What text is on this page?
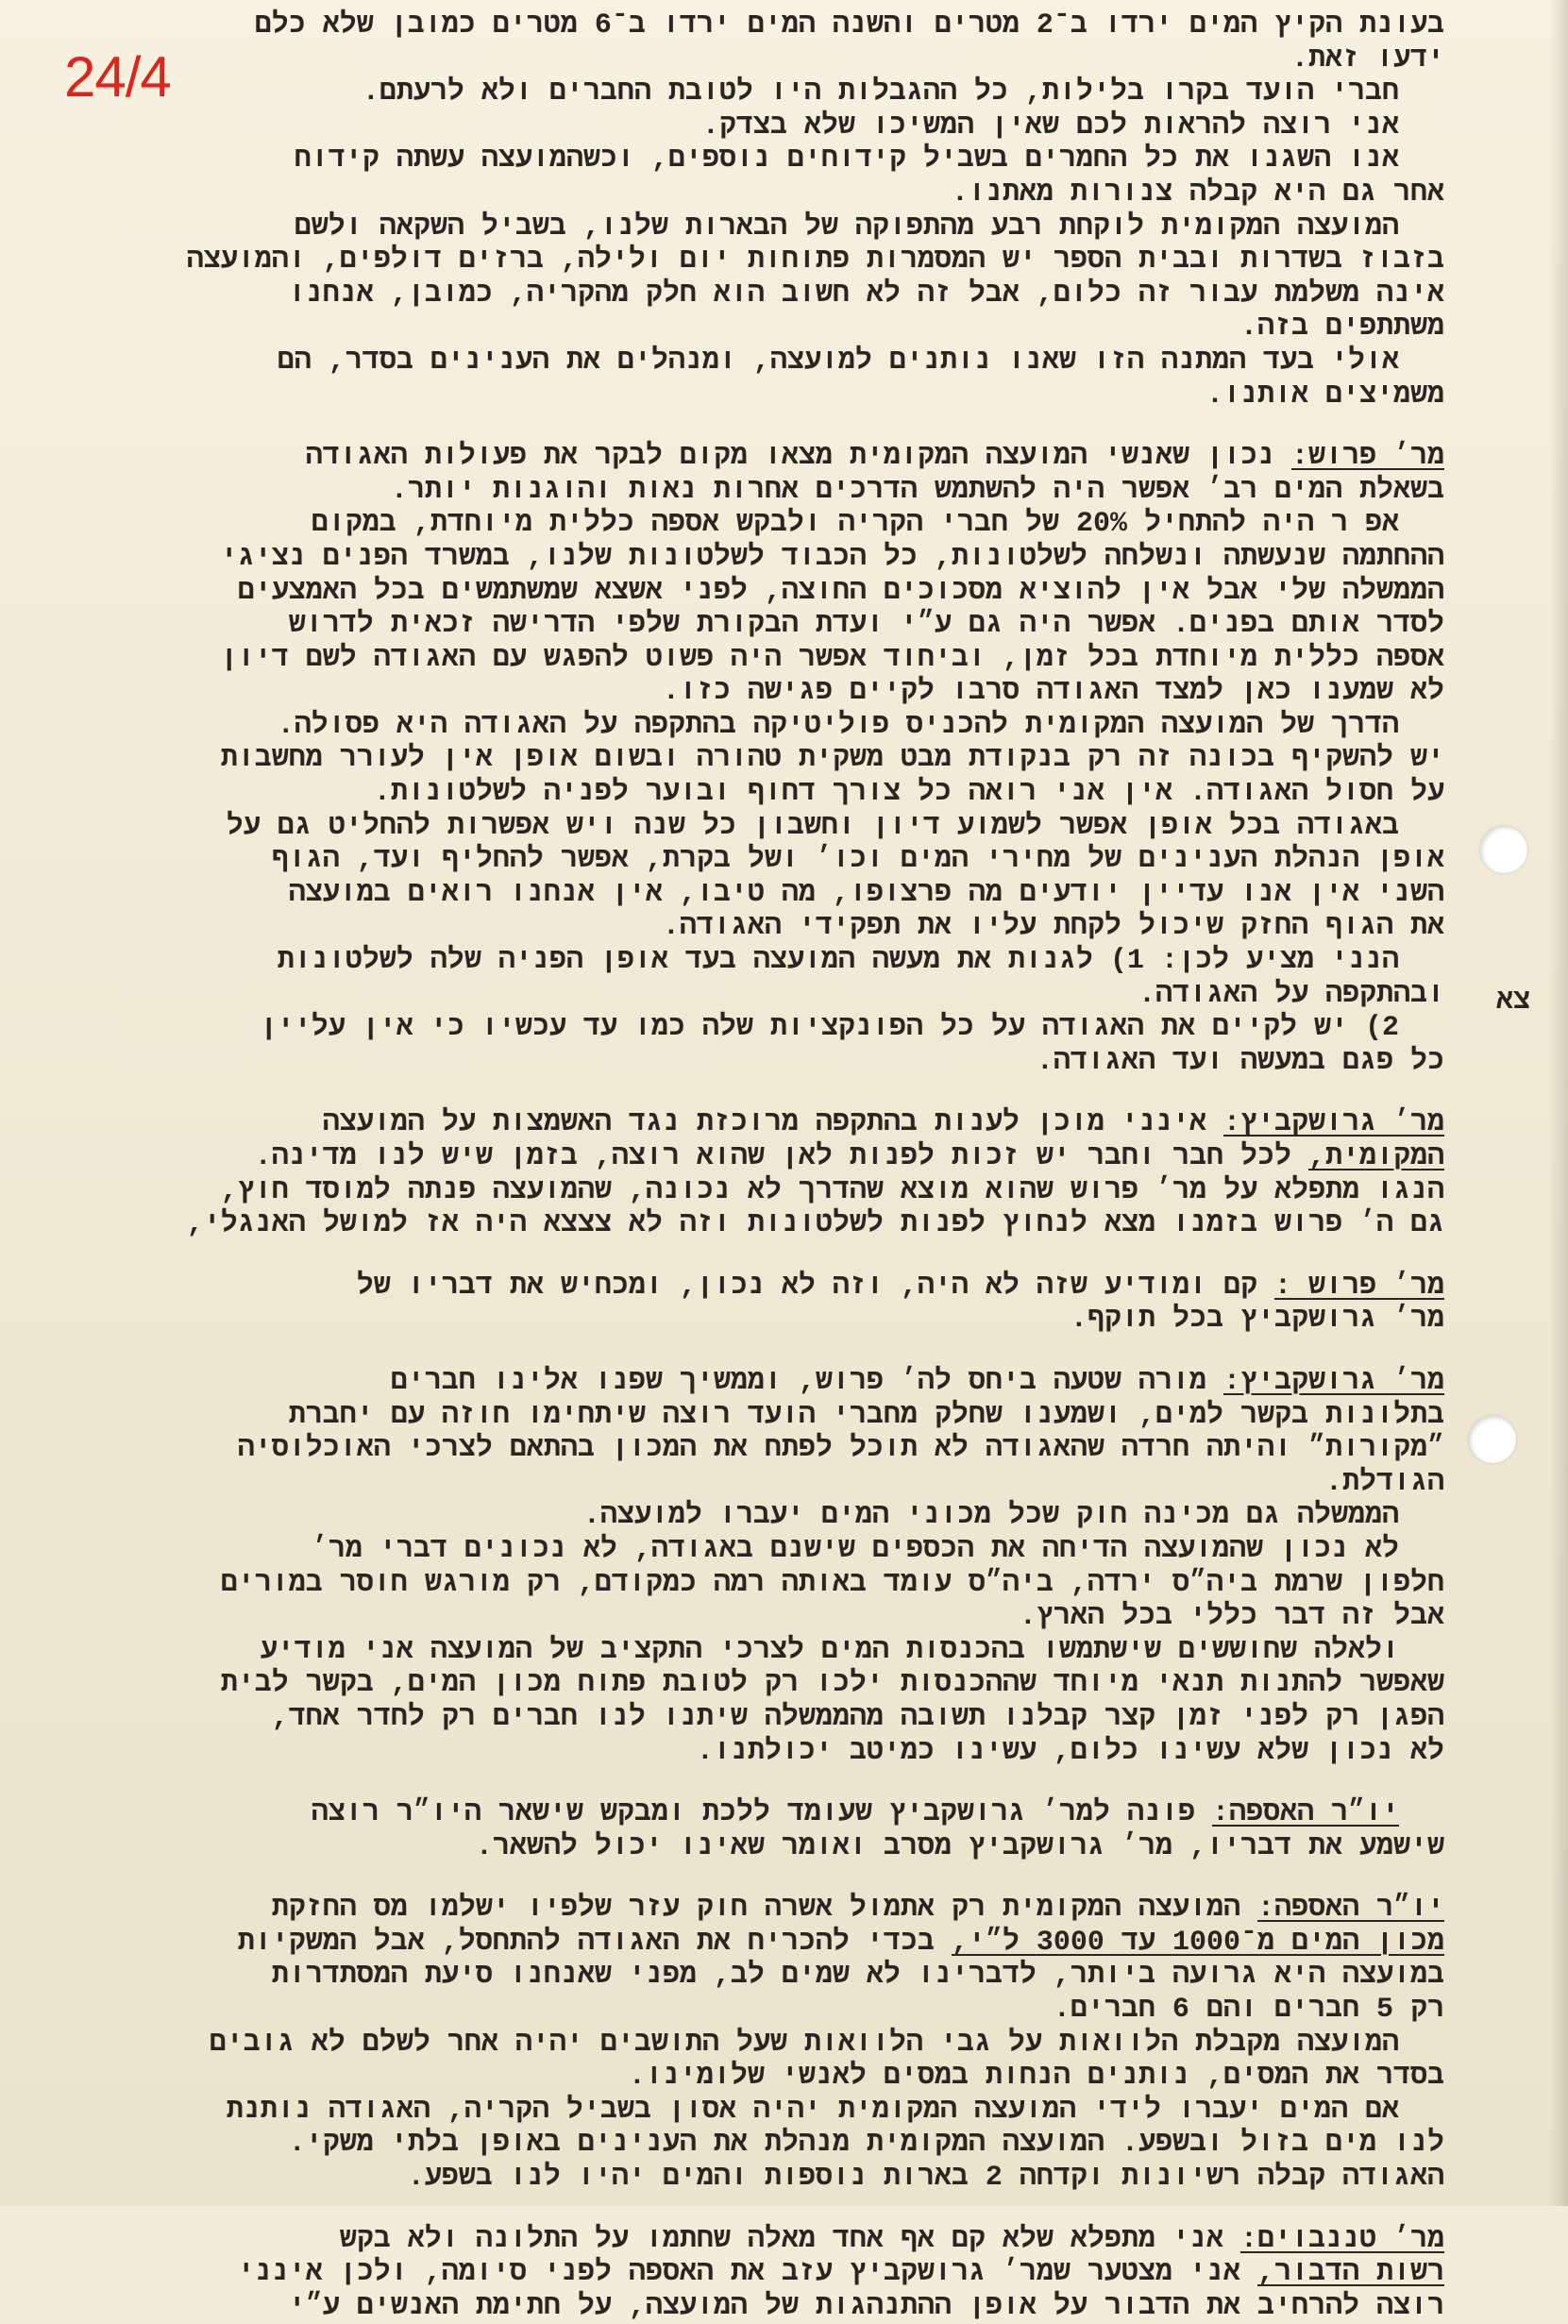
24/4
בעונת הקיץ המים ירדו ב־2 מטרים והשנה המים ירדו ב־6 מטרים כמובן שלא כלם
ידעו זאת.
חברי הועד בקרו בלילות, כל ההגבלות היו לטובת החברים ולא לרעתם.
אני רוצה להראות לכם שאין המשיכו שלא בצדק.
אנו השגנו את כל החמרים בשביל קידוחים נוספים, וכשהמועצה עשתה קידוח
אחר גם היא קבלה צנורות מאתנו.
המועצה המקומית לוקחת רבע מהתפוקה של הבארות שלנו, בשביל השקאה ולשם
בזבוז בשדרות ובבית הספר יש המסמרות פתוחות יום ולילה, ברזים דולפים, והמועצה
אינה משלמת עבור זה כלום, אבל זה לא חשוב הוא חלק מהקריה, כמובן, אנחנו
משתתפים בזה.
אולי בעד המתנה הזו שאנו נותנים למועצה, ומנהלים את הענינים בסדר, הם
משמיצים אותנו.
מר׳ פרוש: נכון שאנשי המועצה המקומית מצאו מקום לבקר את פעולות האגודה
בשאלת המים רב׳ אפשר היה להשתמש הדרכים אחרות נאות והוגנות יותר.
אפ ר היה להתחיל 20% של חברי הקריה ולבקש אספה כללית מיוחדת, במקום
ההחתמה שנעשתה ונשלחה לשלטונות, כל הכבוד לשלטונות שלנו, במשרד הפנים נציגי
הממשלה שלי אבל אין להוציא מסכוכים החוצה, לפני אשצא שמשתמשים בכל האמצעים
לסדר אותם בפנים. אפשר היה גם ע״י ועדת הבקורת שלפי הדרישה זכאית לדרוש
אספה כללית מיוחדת בכל זמן, וביחוד אפשר היה פשוט להפגש עם האגודה לשם דיון
לא שמענו כאן למצד האגודה סרבו לקיים פגישה כזו.
הדרך של המועצה המקומית להכניס פוליטיקה בהתקפה על האגודה היא פסולה.
יש להשקיף בכונה זה רק בנקודת מבט משקית טהורה ובשום אופן אין לעורר מחשבות
על חסול האגודה. אין אני רואה כל צורך דחוף ובוער לפניה לשלטונות.
באגודה בכל אופן אפשר לשמוע דיון וחשבון כל שנה ויש אפשרות להחליט גם על
אופן הנהלת הענינים של מחירי המים וכו׳ ושל בקרת, אפשר להחליף ועד, הגוף
השני אין אנו עדיין יודעים מה פרצופו, מה טיבו, אין אנחנו רואים במועצה
את הגוף החזק שיכול לקחת עליו את תפקידי האגודה.
הנני מציע לכן: 1) לגנות את מעשה המועצה בעד אופן הפניה שלה לשלטונות
ובהתקפה על האגודה.
2) יש לקיים את האגודה על כל הפונקציות שלה כמו עד עכשיו כי אין עליין
כל פגם במעשה ועד האגודה.
מר׳ גרושקביץ: אינני מוכן לענות בהתקפה מרוכזת נגד האשמצות על המועצה
המקומית, לכל חבר וחבר יש זכות לפנות לאן שהוא רוצה, בזמן שיש לנו מדינה.
הנגו מתפלא על מר׳ פרוש שהוא מוצא שהדרך לא נכונה, שהמועצה פנתה למוסד חוץ,
גם ה׳ פרוש בזמנו מצא לנחוץ לפנות לשלטונות וזה לא צצצא היה אז למושל האנגלי,
מר׳ פרוש : קם ומודיע שזה לא היה, וזה לא נכון, ומכחיש את דבריו של
מר׳ גרושקביץ בכל תוקף.
מר׳ גרושקביץ: מורה שטעה ביחס לה׳ פרוש, וממשיך שפנו אלינו חברים
בתלונות בקשר למים, ושמענו שחלק מחברי הועד רוצה שיתחימו חוזה עם יחברת
״מקורות״ והיתה חרדה שהאגודה לא תוכל לפתח את המכון בהתאם לצרכי האוכלוסיה
הגודלת.
הממשלה גם מכינה חוק שכל מכוני המים יעברו למועצה.
לא נכון שהמועצה הדיחה את הכספים שישנם באגודה, לא נכונים דברי מר׳
חלפון שרמת ביה״ס ירדה, ביה״ס עומד באותה רמה כמקודם, רק מורגש חוסר במורים
אבל זה דבר כללי בכל הארץ.
ולאלה שחוששים שישתמשו בהכנסות המים לצרכי התקציב של המועצה אני מודיע
שאפשר להתנות תנאי מיוחד שההכנסות ילכו רק לטובת פתוח מכון המים, בקשר לבית
הפגן רק לפני זמן קצר קבלנו תשובה מהממשלה שיתנו לנו חברים רק לחדר אחד,
לא נכון שלא עשינו כלום, עשינו כמיטב יכולתנו.
יו״ר האספה: פונה למר׳ גרושקביץ שעומד ללכת ומבקש שישאר היו״ר רוצה
שישמע את דבריו, מר׳ גרושקביץ מסרב ואומר שאינו יכול להשאר.
יו״ר האספה: המועצה המקומית רק אתמול אשרה חוק עזר שלפיו ישלמו מס החזקת
מכון המים מ־1000 עד 3000 ל״י, בכדי להכריח את האגודה להתחסל, אבל המשקיות
במועצה היא גרועה ביותר, לדברינו לא שמים לב, מפני שאנחנו סיעת המסתדרות
רק 5 חברים והם 6 חברים.
המועצה מקבלת הלוואות על גבי הלוואות שעל התושבים יהיה אחר לשלם לא גובים
בסדר את המסים, נותנים הנחות במסים לאנשי שלומינו.
אם המים יעברו לידי המועצה המקומית יהיה אסון בשביל הקריה, האגודה נותנת
לנו מים בזול ובשפע. המועצה המקומית מנהלת את הענינים באופן בלתי משקי.
האגודה קבלה רשיונות וקדחה 2 בארות נוספות והמים יהיו לנו בשפע.
מר׳ טננבוים: אני מתפלא שלא קם אף אחד מאלה שחתמו על התלונה ולא בקש
רשות הדבור, אני מצטער שמר׳ גרושקביץ עזב את האספה לפני סיומה, ולכן אינני
רוצה להרחיב את הדבור על אופן ההתנהגות של המועצה, על חתימת האנשים ע״י
צא
